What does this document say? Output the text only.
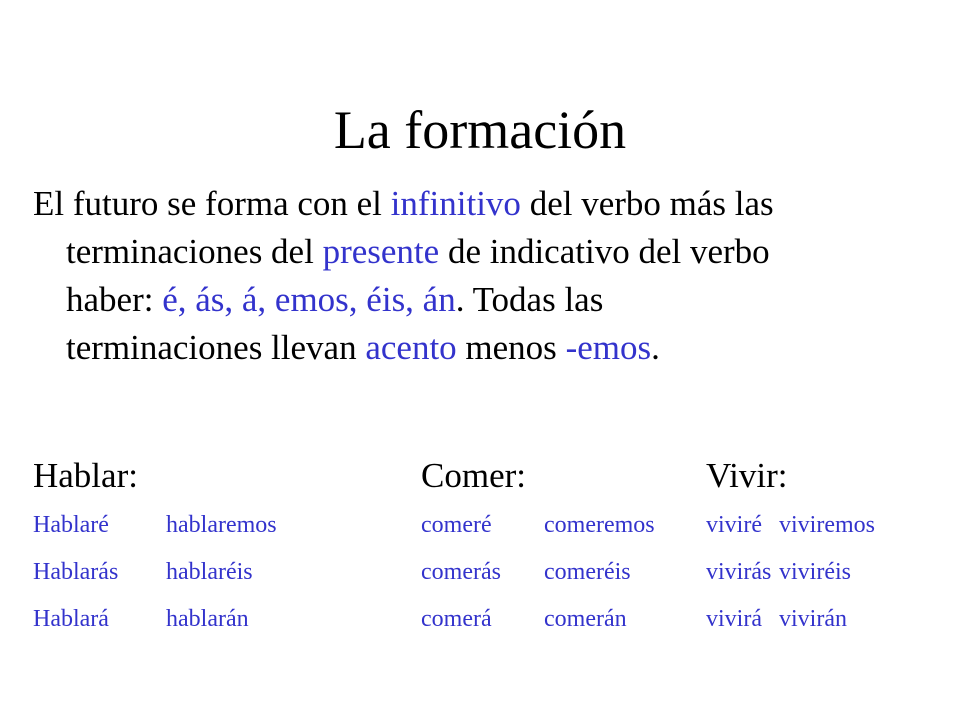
La formación
El futuro se forma con el infinitivo del verbo más las
terminaciones del presente de indicativo del verbo
haber: é, ás, á, emos, éis, án. Todas las
terminaciones llevan acento menos -emos.
Hablar:
Hablaré hablaremos
Hablarás hablaréis
Hablará hablarán
Comer:
comeré comeremos
comerás comeréis
comerá comerán
Vivir:
viviré viviremos
vivirás viviréis
vivirá vivirán
